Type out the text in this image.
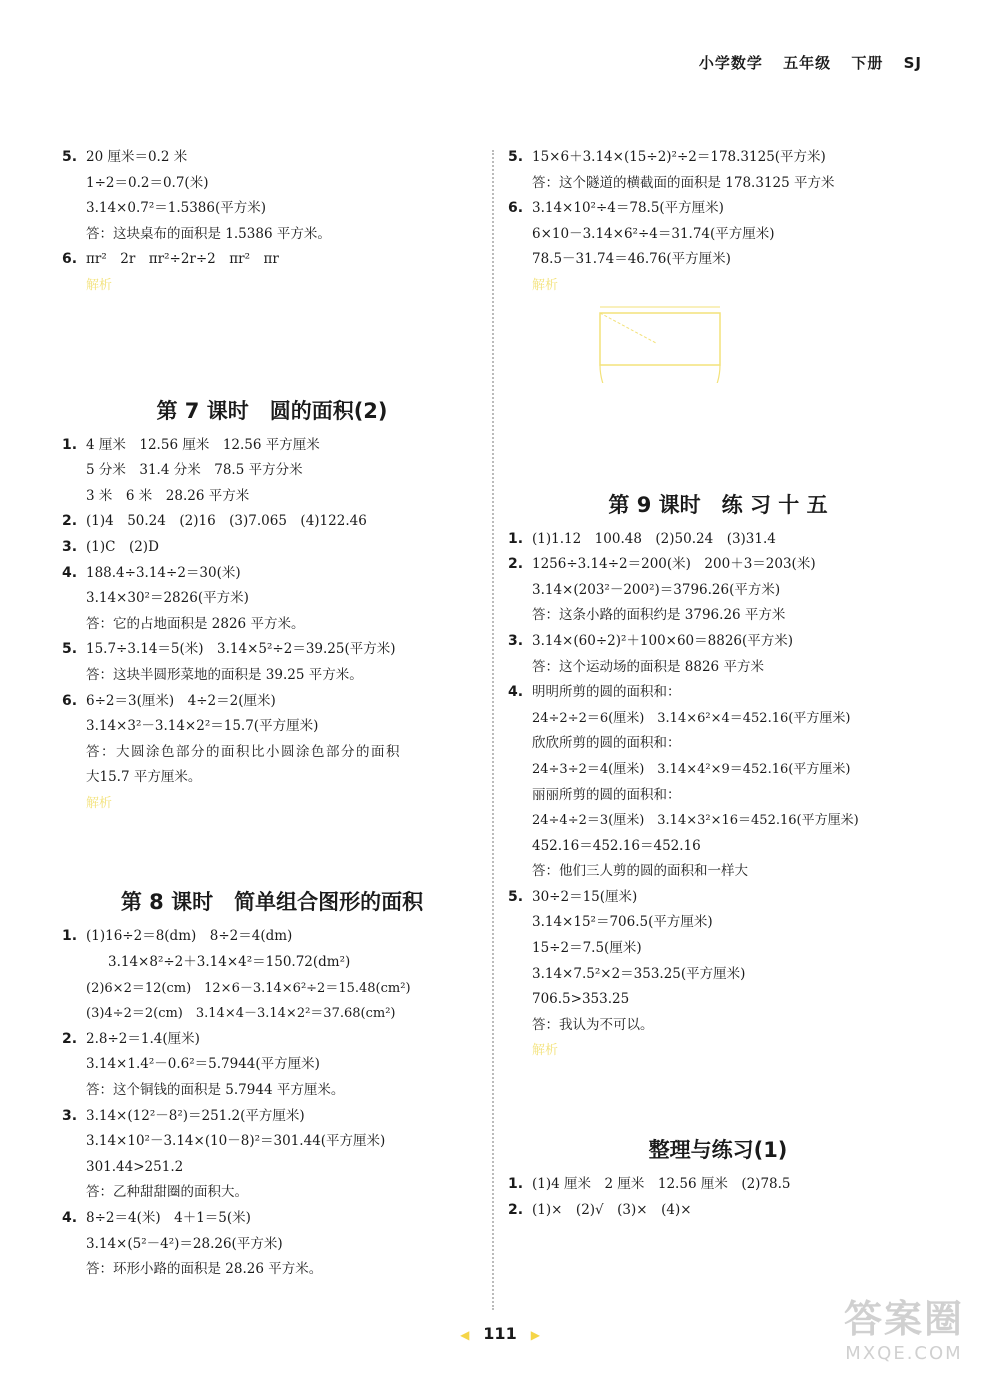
小学数学 五年级 下册 SJ
5. 20 厘米＝0.2 米
1÷2＝0.2＝0.7(米)
3.14×0.7²＝1.5386(平方米)
答：这块桌布的面积是 1.5386 平方米。
6. πr²　2r　πr²÷2r÷2　πr²　πr
解析
第 7 课时　圆的面积(2)
1. 4 厘米　12.56 厘米　12.56 平方厘米
5 分米　31.4 分米　78.5 平方分米
3 米　6 米　28.26 平方米
2. (1)4　50.24　(2)16　(3)7.065　(4)122.46
3. (1)C　(2)D
4. 188.4÷3.14÷2＝30(米)
3.14×30²＝2826(平方米)
答：它的占地面积是 2826 平方米。
5. 15.7÷3.14＝5(米)　3.14×5²÷2＝39.25(平方米)
答：这块半圆形菜地的面积是 39.25 平方米。
6. 6÷2＝3(厘米)　4÷2＝2(厘米)
3.14×3²－3.14×2²＝15.7(平方厘米)
答：大圆涂色部分的面积比小圆涂色部分的面积
大15.7 平方厘米。
解析
第 8 课时　简单组合图形的面积
1. (1)16÷2＝8(dm)　8÷2＝4(dm)
3.14×8²÷2＋3.14×4²＝150.72(dm²)
(2)6×2＝12(cm)　12×6－3.14×6²÷2＝15.48(cm²)
(3)4÷2＝2(cm)　3.14×4－3.14×2²＝37.68(cm²)
2. 2.8÷2＝1.4(厘米)
3.14×1.4²－0.6²＝5.7944(平方厘米)
答：这个铜钱的面积是 5.7944 平方厘米。
3. 3.14×(12²－8²)＝251.2(平方厘米)
3.14×10²－3.14×(10－8)²＝301.44(平方厘米)
301.44>251.2
答：乙种甜甜圈的面积大。
4. 8÷2＝4(米)　4＋1＝5(米)
3.14×(5²－4²)＝28.26(平方米)
答：环形小路的面积是 28.26 平方米。
5. 15×6＋3.14×(15÷2)²÷2＝178.3125(平方米)
答：这个隧道的横截面的面积是 178.3125 平方米
6. 3.14×10²÷4＝78.5(平方厘米)
6×10－3.14×6²÷4＝31.74(平方厘米)
78.5－31.74＝46.76(平方厘米)
解析
第 9 课时　练 习 十 五
1. (1)1.12　100.48　(2)50.24　(3)31.4
2. 1256÷3.14÷2＝200(米)　200＋3＝203(米)
3.14×(203²－200²)＝3796.26(平方米)
答：这条小路的面积约是 3796.26 平方米
3. 3.14×(60÷2)²＋100×60＝8826(平方米)
答：这个运动场的面积是 8826 平方米
4. 明明所剪的圆的面积和：
24÷2÷2＝6(厘米)　3.14×6²×4＝452.16(平方厘米)
欣欣所剪的圆的面积和：
24÷3÷2＝4(厘米)　3.14×4²×9＝452.16(平方厘米)
丽丽所剪的圆的面积和：
24÷4÷2＝3(厘米)　3.14×3²×16＝452.16(平方厘米)
452.16＝452.16＝452.16
答：他们三人剪的圆的面积和一样大
5. 30÷2＝15(厘米)
3.14×15²＝706.5(平方厘米)
15÷2＝7.5(厘米)
3.14×7.5²×2＝353.25(平方厘米)
706.5>353.25
答：我认为不可以。
解析
整理与练习(1)
1. (1)4 厘米　2 厘米　12.56 厘米　(2)78.5
2. (1)×　(2)√　(3)×　(4)×
◀ 111 ▶	答案圈
MXQE.COM
